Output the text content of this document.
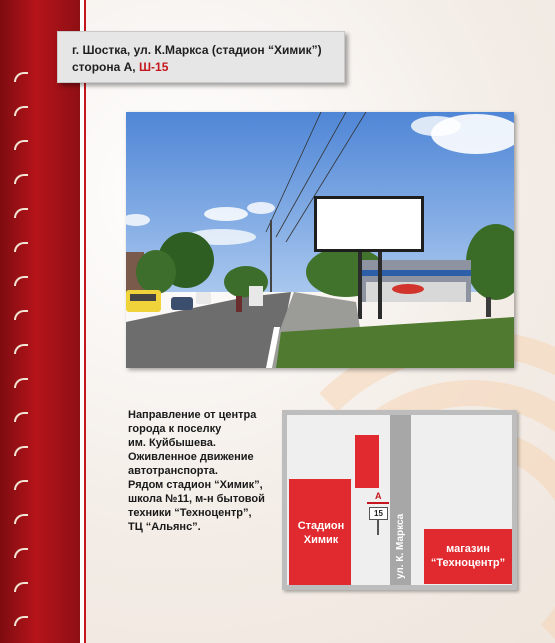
г. Шостка, ул. К.Маркса (стадион “Химик”)
сторона А, Ш-15
Направление от центра
города к поселку
им. Куйбышева.
Оживленное движение
автотранспорта.
Рядом стадион “Химик”,
школа №11, м-н бытовой
техники “Техноцентр”,
ТЦ “Альянс”.	ул. К. Маркса
Стадион
Химик
магазин
“Техноцентр”
А
15
